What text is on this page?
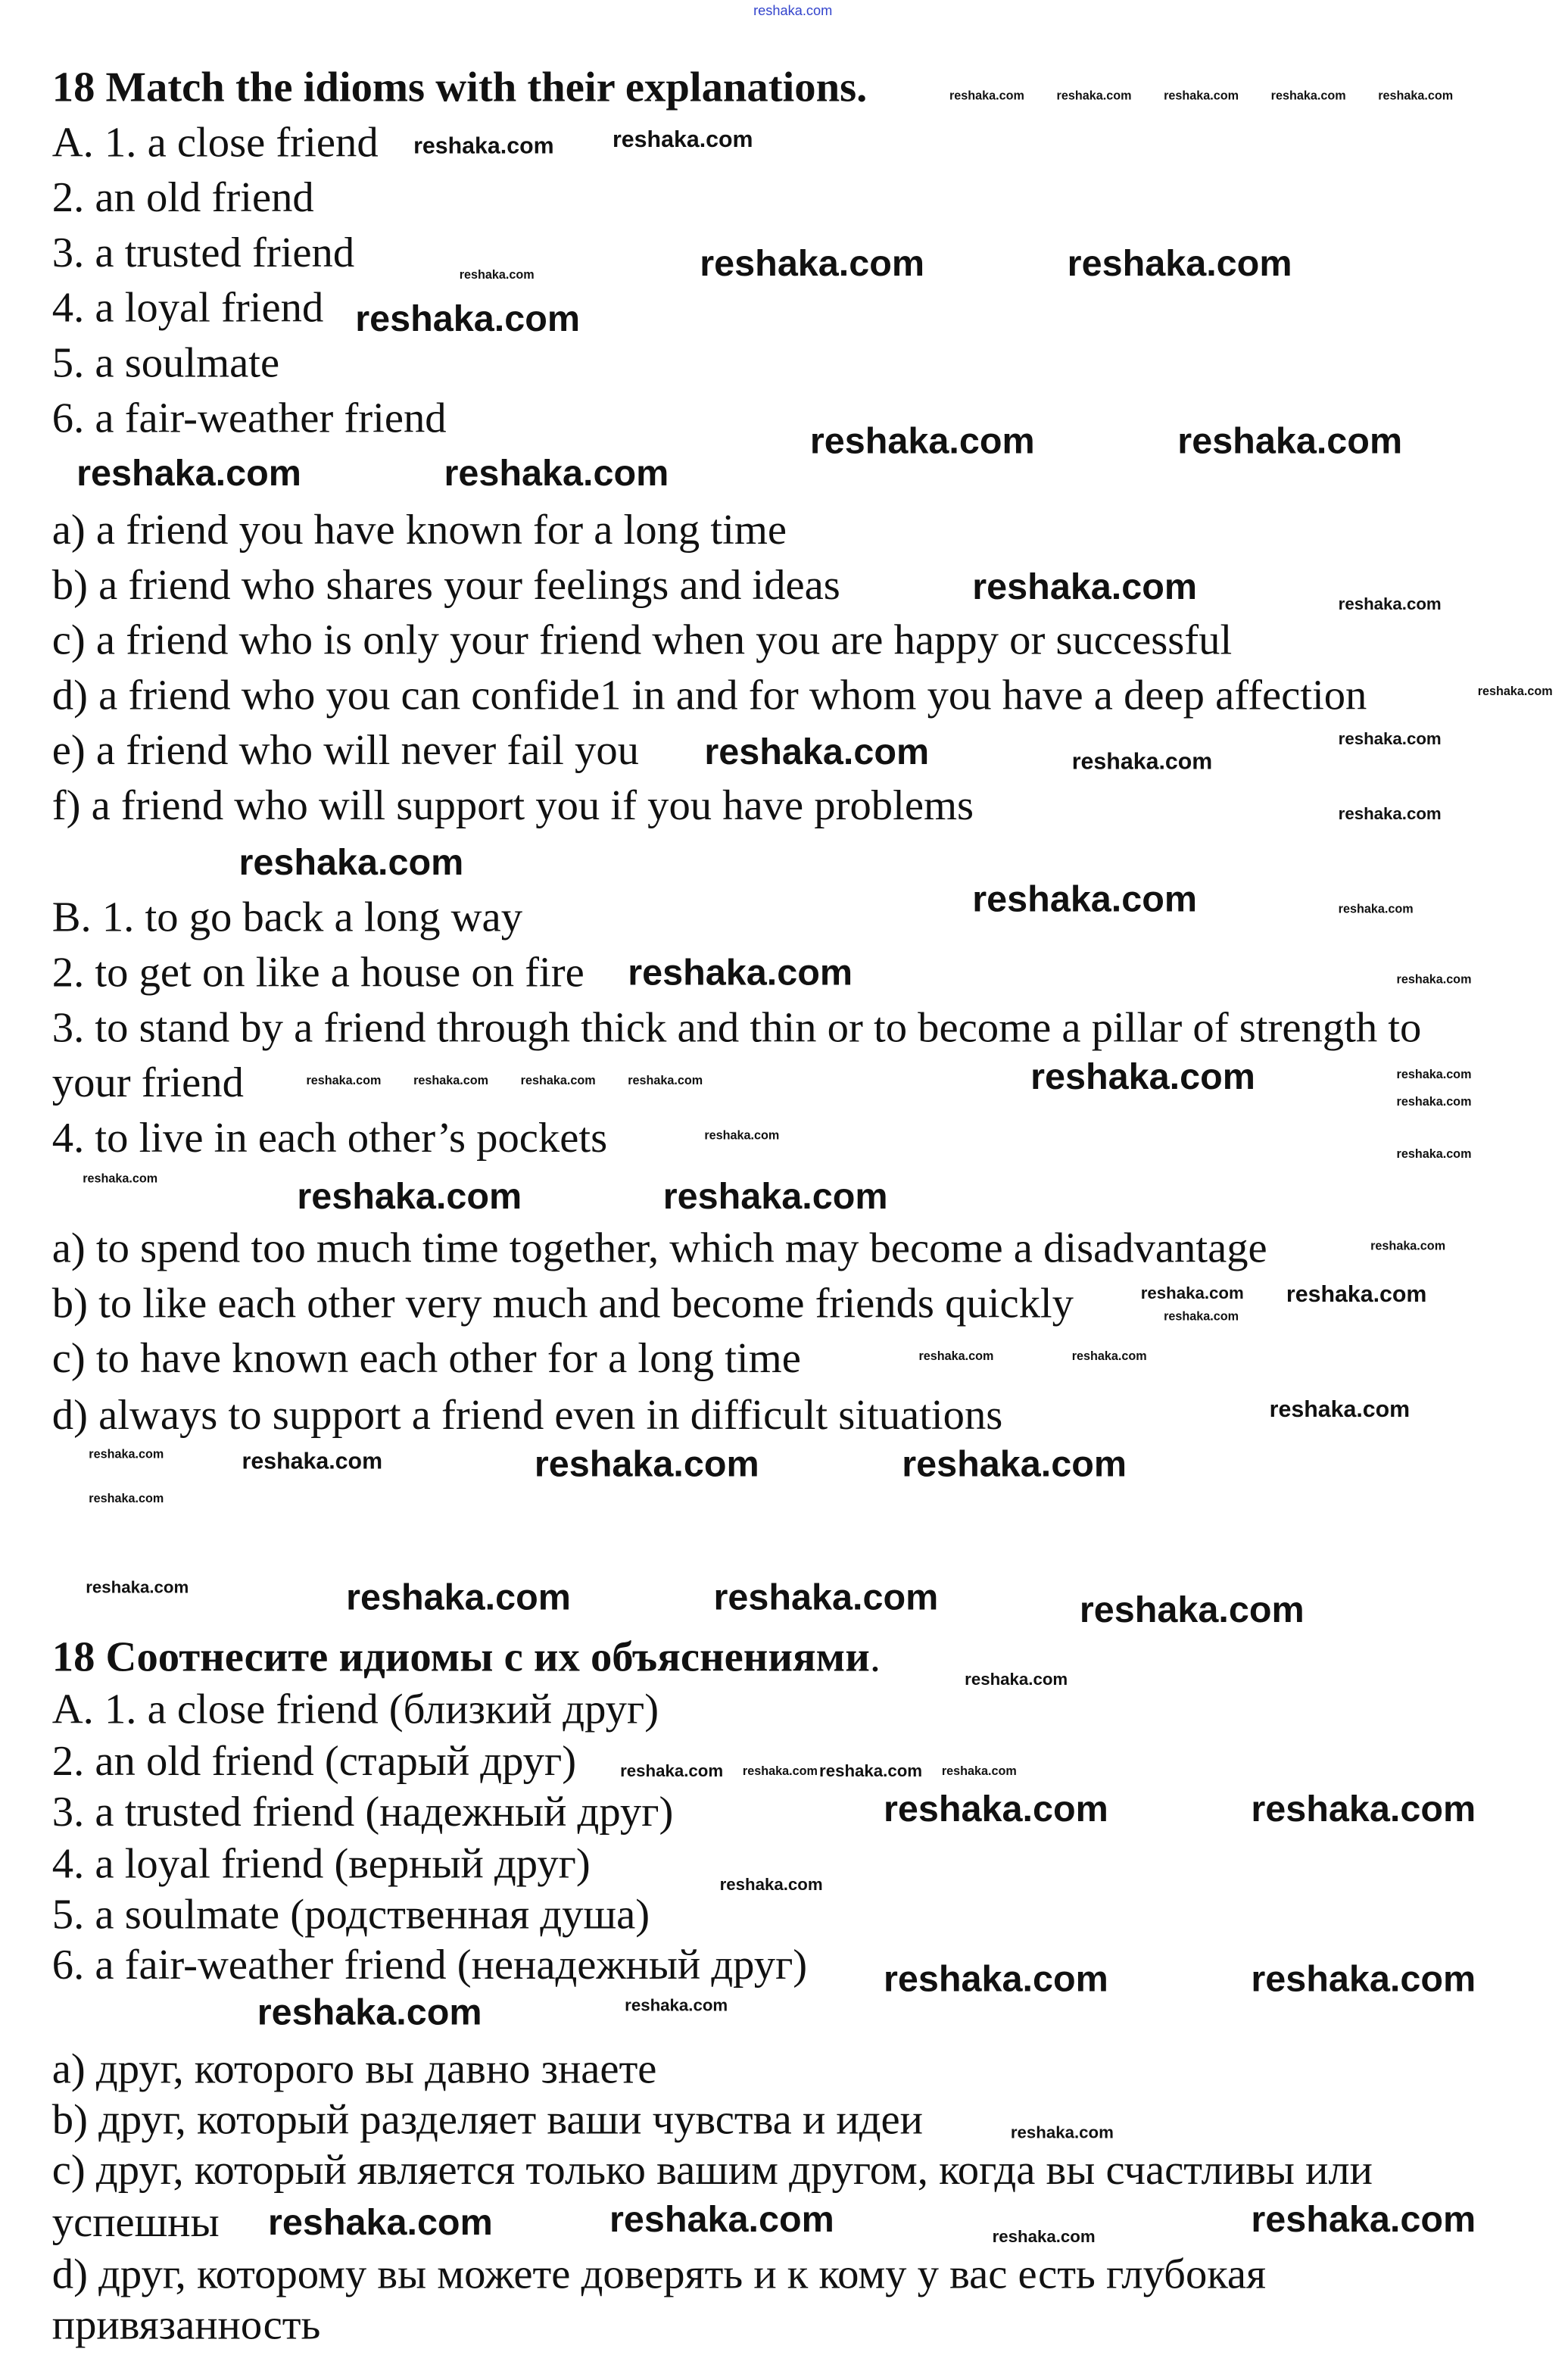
reshaka.com
18 Match the idioms with their explanations.
A. 1. a close friend
2. an old friend
3. a trusted friend
4. a loyal friend
5. a soulmate
6. a fair-weather friend
a) a friend you have known for a long time
b) a friend who shares your feelings and ideas
c) a friend who is only your friend when you are happy or successful
d) a friend who you can confide1 in and for whom you have a deep affection
e) a friend who will never fail you
f) a friend who will support you if you have problems
B. 1. to go back a long way
2. to get on like a house on fire
3. to stand by a friend through thick and thin or to become a pillar of strength to
your friend
4. to live in each other’s pockets
a) to spend too much time together, which may become a disadvantage
b) to like each other very much and become friends quickly
c) to have known each other for a long time
d) always to support a friend even in difficult situations
18 Соотнесите идиомы с их объяснениями.
A. 1. a close friend (близкий друг)
2. an old friend (старый друг)
3. a trusted friend (надежный друг)
4. a loyal friend (верный друг)
5. a soulmate (родственная душа)
6. a fair-weather friend (ненадежный друг)
a) друг, которого вы давно знаете
b) друг, который разделяет ваши чувства и идеи
c) друг, который является только вашим другом, когда вы счастливы или
успешны
d) друг, которому вы можете доверять и к кому у вас есть глубокая
привязанность
reshaka.com
reshaka.com
reshaka.com	reshaka.com	reshaka.com	reshaka.com	reshaka.com
reshaka.com	reshaka.com
reshaka.com
reshaka.com
reshaka.com	reshaka.com
reshaka.com	reshaka.com
reshaka.com	reshaka.com
reshaka.com
reshaka.com
reshaka.com	reshaka.com
reshaka.com
reshaka.com
reshaka.com	reshaka.com
reshaka.com
reshaka.com
reshaka.com	reshaka.com	reshaka.com	reshaka.com	reshaka.com
reshaka.com
reshaka.com
reshaka.com
reshaka.com
reshaka.com	reshaka.com	reshaka.com
reshaka.com
reshaka.com
reshaka.com	reshaka.com
reshaka.com	reshaka.com
reshaka.com
reshaka.com	reshaka.com	reshaka.com
reshaka.com
reshaka.com
reshaka.com	reshaka.com	reshaka.com	reshaka.com
reshaka.com
reshaka.com	reshaka.com reshaka.com	reshaka.com
reshaka.com	reshaka.com
reshaka.com
reshaka.com	reshaka.com
reshaka.com	reshaka.com
reshaka.com
reshaka.com	reshaka.com	reshaka.com
reshaka.com
